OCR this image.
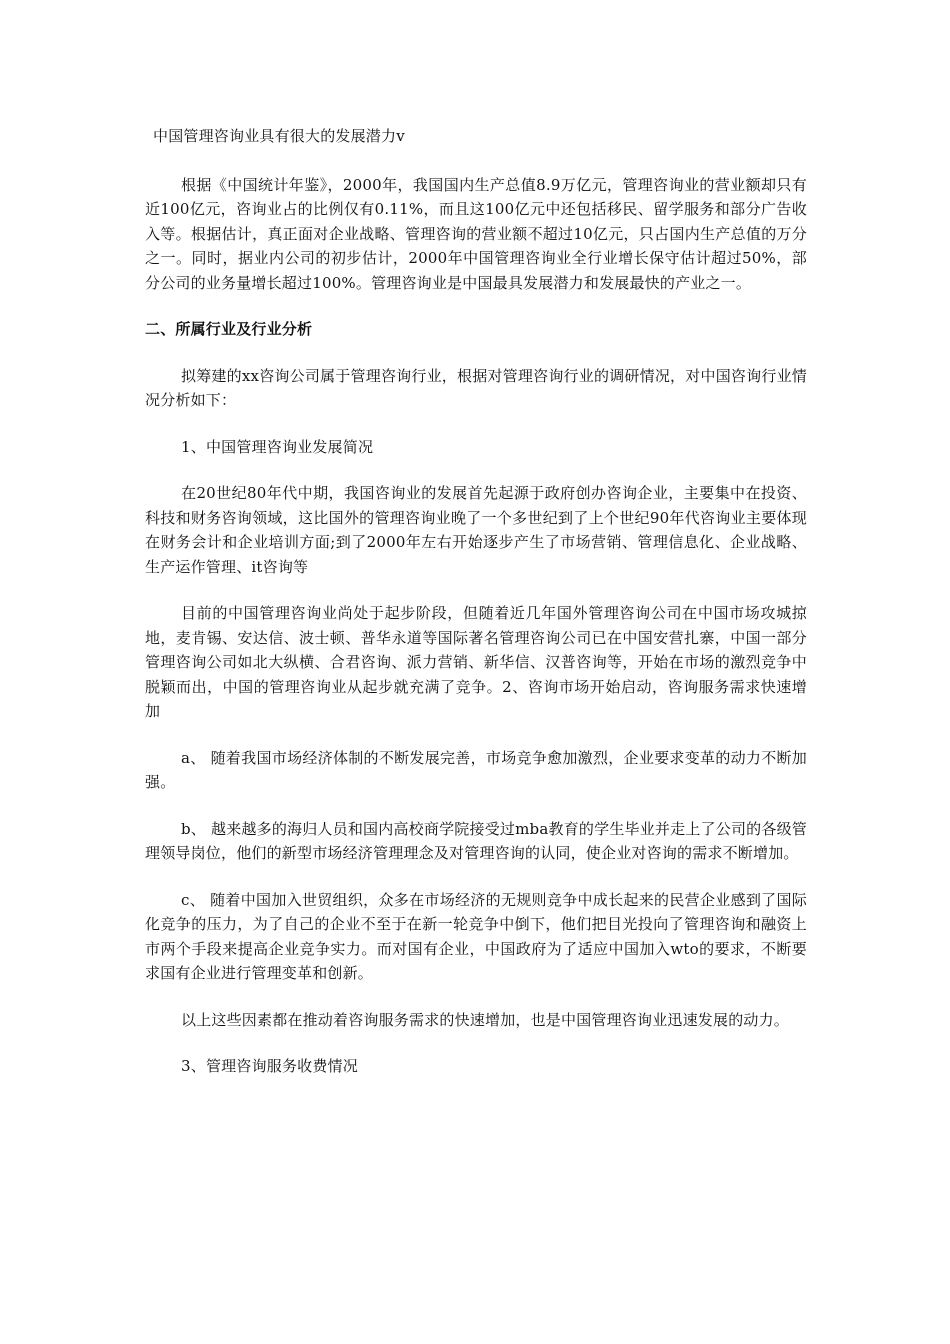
中国管理咨询业具有很大的发展潜力v

根据《中国统计年鉴》，2000年，我国国内生产总值8.9万亿元，管理咨询业的营业额却只有近100亿元，咨询业占的比例仅有0.11%，而且这100亿元中还包括移民、留学服务和部分广告收入等。根据估计，真正面对企业战略、管理咨询的营业额不超过10亿元，只占国内生产总值的万分之一。同时，据业内公司的初步估计，2000年中国管理咨询业全行业增长保守估计超过50%，部分公司的业务量增长超过100%。管理咨询业是中国最具发展潜力和发展最快的产业之一。

二、所属行业及行业分析

拟筹建的xx咨询公司属于管理咨询行业，根据对管理咨询行业的调研情况，对中国咨询行业情况分析如下：

1、中国管理咨询业发展简况

在20世纪80年代中期，我国咨询业的发展首先起源于政府创办咨询企业，主要集中在投资、科技和财务咨询领域，这比国外的管理咨询业晚了一个多世纪到了上个世纪90年代咨询业主要体现在财务会计和企业培训方面;到了2000年左右开始逐步产生了市场营销、管理信息化、企业战略、生产运作管理、it咨询等

目前的中国管理咨询业尚处于起步阶段，但随着近几年国外管理咨询公司在中国市场攻城掠地，麦肯锡、安达信、波士顿、普华永道等国际著名管理咨询公司已在中国安营扎寨，中国一部分管理咨询公司如北大纵横、合君咨询、派力营销、新华信、汉普咨询等，开始在市场的激烈竞争中脱颖而出，中国的管理咨询业从起步就充满了竞争。2、咨询市场开始启动，咨询服务需求快速增加

a、 随着我国市场经济体制的不断发展完善，市场竞争愈加激烈，企业要求变革的动力不断加强。

b、 越来越多的海归人员和国内高校商学院接受过mba教育的学生毕业并走上了公司的各级管理领导岗位，他们的新型市场经济管理理念及对管理咨询的认同，使企业对咨询的需求不断增加。

c、 随着中国加入世贸组织，众多在市场经济的无规则竞争中成长起来的民营企业感到了国际化竞争的压力，为了自己的企业不至于在新一轮竞争中倒下，他们把目光投向了管理咨询和融资上市两个手段来提高企业竞争实力。而对国有企业，中国政府为了适应中国加入wto的要求，不断要求国有企业进行管理变革和创新。

以上这些因素都在推动着咨询服务需求的快速增加，也是中国管理咨询业迅速发展的动力。

3、管理咨询服务收费情况
